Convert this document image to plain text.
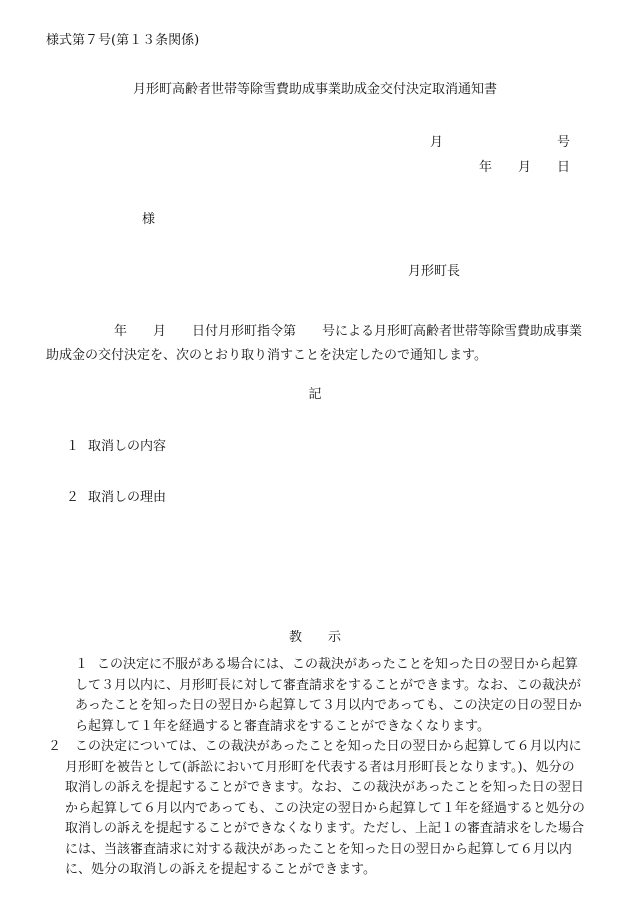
様式第７号(第１３条関係)
月形町高齢者世帯等除雪費助成事業助成金交付決定取消通知書
月	号
年 月 日
様
月形町長
年 月 日付月形町指令第 号による月形町高齢者世帯等除雪費助成事業助成金の交付決定を、次のとおり取り消すことを決定したので通知します。
記
１ 取消しの内容
２ 取消しの理由
教 示

１ この決定に不服がある場合には、この裁決があったことを知った日の翌日から起算して３月以内に、月形町長に対して審査請求をすることができます。なお、この裁決があったことを知った日の翌日から起算して３月以内であっても、この決定の日の翌日から起算して１年を経過すると審査請求をすることができなくなります。

２ この決定については、この裁決があったことを知った日の翌日から起算して６月以内に月形町を被告として(訴訟において月形町を代表する者は月形町長となります。)、処分の取消しの訴えを提起することができます。なお、この裁決があったことを知った日の翌日から起算して６月以内であっても、この決定の翌日から起算して１年を経過すると処分の取消しの訴えを提起することができなくなります。ただし、上記１の審査請求をした場合には、当該審査請求に対する裁決があったことを知った日の翌日から起算して６月以内に、処分の取消しの訴えを提起することができます。
